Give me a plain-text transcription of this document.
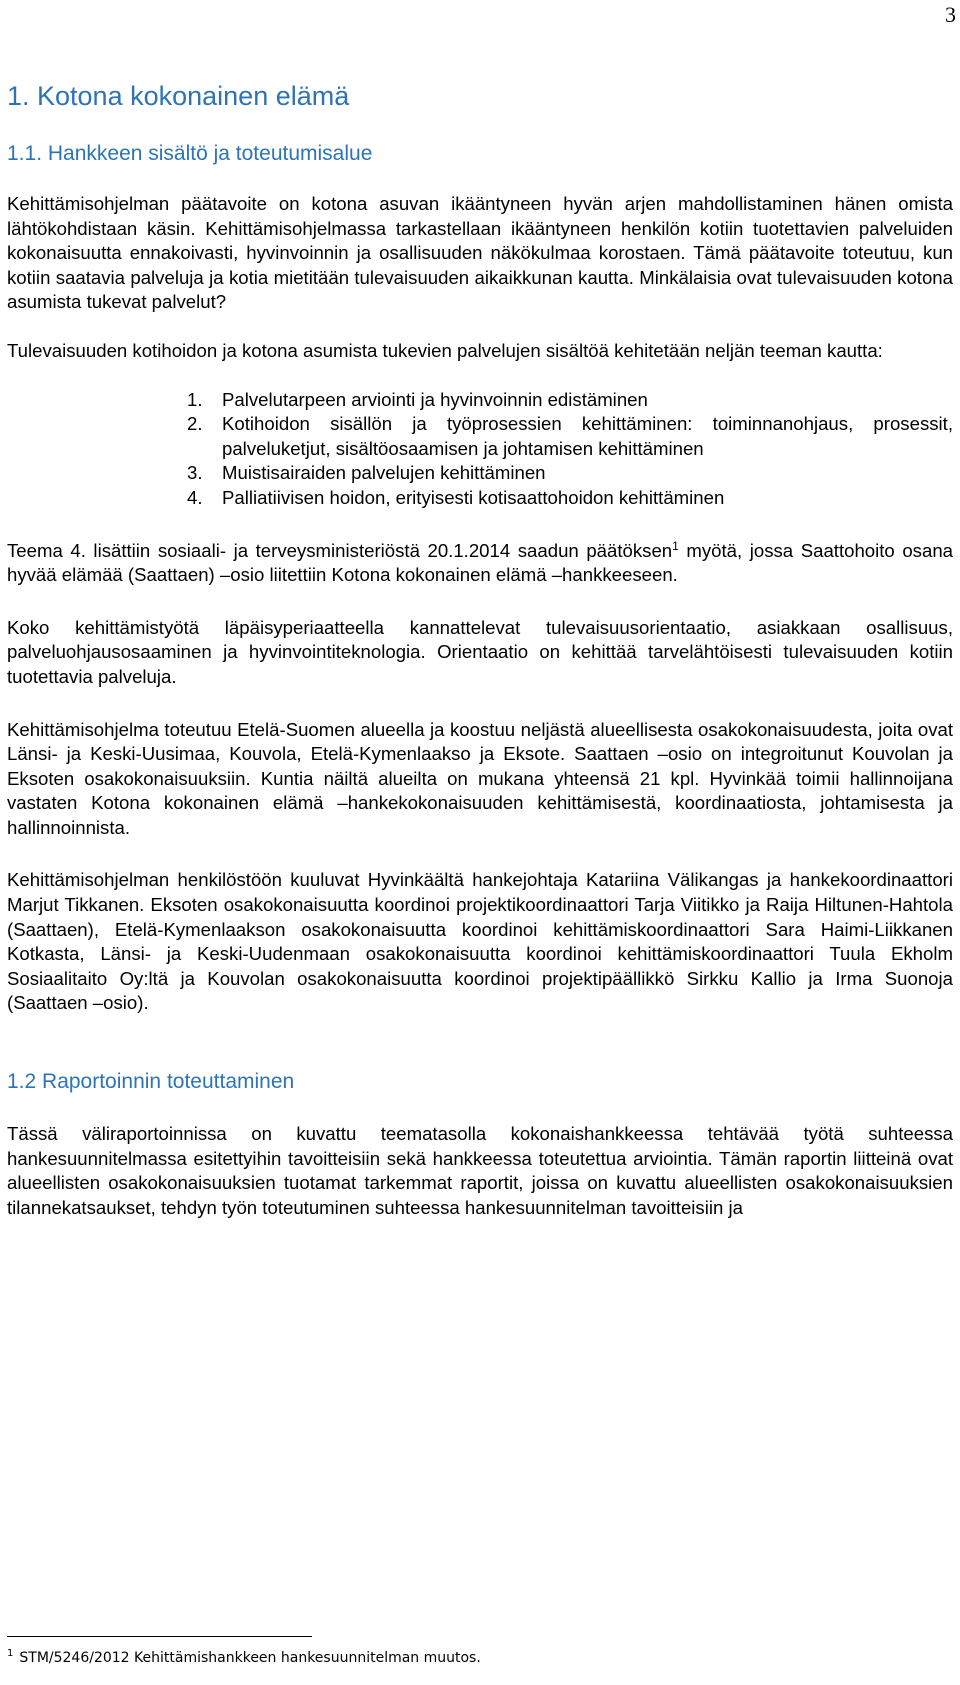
3
1. Kotona kokonainen elämä
1.1. Hankkeen sisältö ja toteutumisalue

Kehittämisohjelman päätavoite on kotona asuvan ikääntyneen hyvän arjen mahdollistaminen hänen omista lähtökohdistaan käsin. Kehittämisohjelmassa tarkastellaan ikääntyneen henkilön kotiin tuotettavien palveluiden kokonaisuutta ennakoivasti, hyvinvoinnin ja osallisuuden näkökulmaa korostaen. Tämä päätavoite toteutuu, kun kotiin saatavia palveluja ja kotia mietitään tulevaisuuden aikaikkunan kautta. Minkälaisia ovat tulevaisuuden kotona asumista tukevat palvelut?

Tulevaisuuden kotihoidon ja kotona asumista tukevien palvelujen sisältöä kehitetään neljän teeman kautta:

1. Palvelutarpeen arviointi ja hyvinvoinnin edistäminen
2. Kotihoidon sisällön ja työprosessien kehittäminen: toiminnanohjaus, prosessit, palveluketjut, sisältöosaamisen ja johtamisen kehittäminen
3. Muistisairaiden palvelujen kehittäminen
4. Palliatiivisen hoidon, erityisesti kotisaattohoidon kehittäminen

Teema 4. lisättiin sosiaali- ja terveysministeriöstä 20.1.2014 saadun päätöksen$^1$ myötä, jossa Saattohoito osana hyvää elämää (Saattaen) –osio liitettiin Kotona kokonainen elämä –hankkeeseen.

Koko kehittämistyötä läpäisyperiaatteella kannattelevat tulevaisuusorientaatio, asiakkaan osallisuus, palveluohjausosaaminen ja hyvinvointiteknologia. Orientaatio on kehittää tarvelähtöisesti tulevaisuuden kotiin tuotettavia palveluja.

Kehittämisohjelma toteutuu Etelä-Suomen alueella ja koostuu neljästä alueellisesta osakokonaisuudesta, joita ovat Länsi- ja Keski-Uusimaa, Kouvola, Etelä-Kymenlaakso ja Eksote. Saattaen –osio on integroitunut Kouvolan ja Eksoten osakokonaisuuksiin. Kuntia näiltä alueilta on mukana yhteensä 21 kpl. Hyvinkää toimii hallinnoijana vastaten Kotona kokonainen elämä –hankekokonaisuuden kehittämisestä, koordinaatiosta, johtamisesta ja hallinnoinnista.

Kehittämisohjelman henkilöstöön kuuluvat Hyvinkäältä hankejohtaja Katariina Välikangas ja hankekoordinaattori Marjut Tikkanen. Eksoten osakokonaisuutta koordinoi projektikoordinaattori Tarja Viitikko ja Raija Hiltunen-Hahtola (Saattaen), Etelä-Kymenlaakson osakokonaisuutta koordinoi kehittämiskoordinaattori Sara Haimi-Liikkanen Kotkasta, Länsi- ja Keski-Uudenmaan osakokonaisuutta koordinoi kehittämiskoordinaattori Tuula Ekholm Sosiaalitaito Oy:ltä ja Kouvolan osakokonaisuutta koordinoi projektipäällikkö Sirkku Kallio ja Irma Suonoja (Saattaen –osio).

1.2 Raportoinnin toteuttaminen

Tässä väliraportoinnissa on kuvattu teematasolla kokonaishankkeessa tehtävää työtä suhteessa hankesuunnitelmassa esitettyihin tavoitteisiin sekä hankkeessa toteutettua arviointia. Tämän raportin liitteinä ovat alueellisten osakokonaisuuksien tuotamat tarkemmat raportit, joissa on kuvattu alueellisten osakokonaisuuksien tilannekatsaukset, tehdyn työn toteutuminen suhteessa hankesuunnitelman tavoitteisiin ja

$^1$ STM/5246/2012 Kehittämishankkeen hankesuunnitelman muutos.
